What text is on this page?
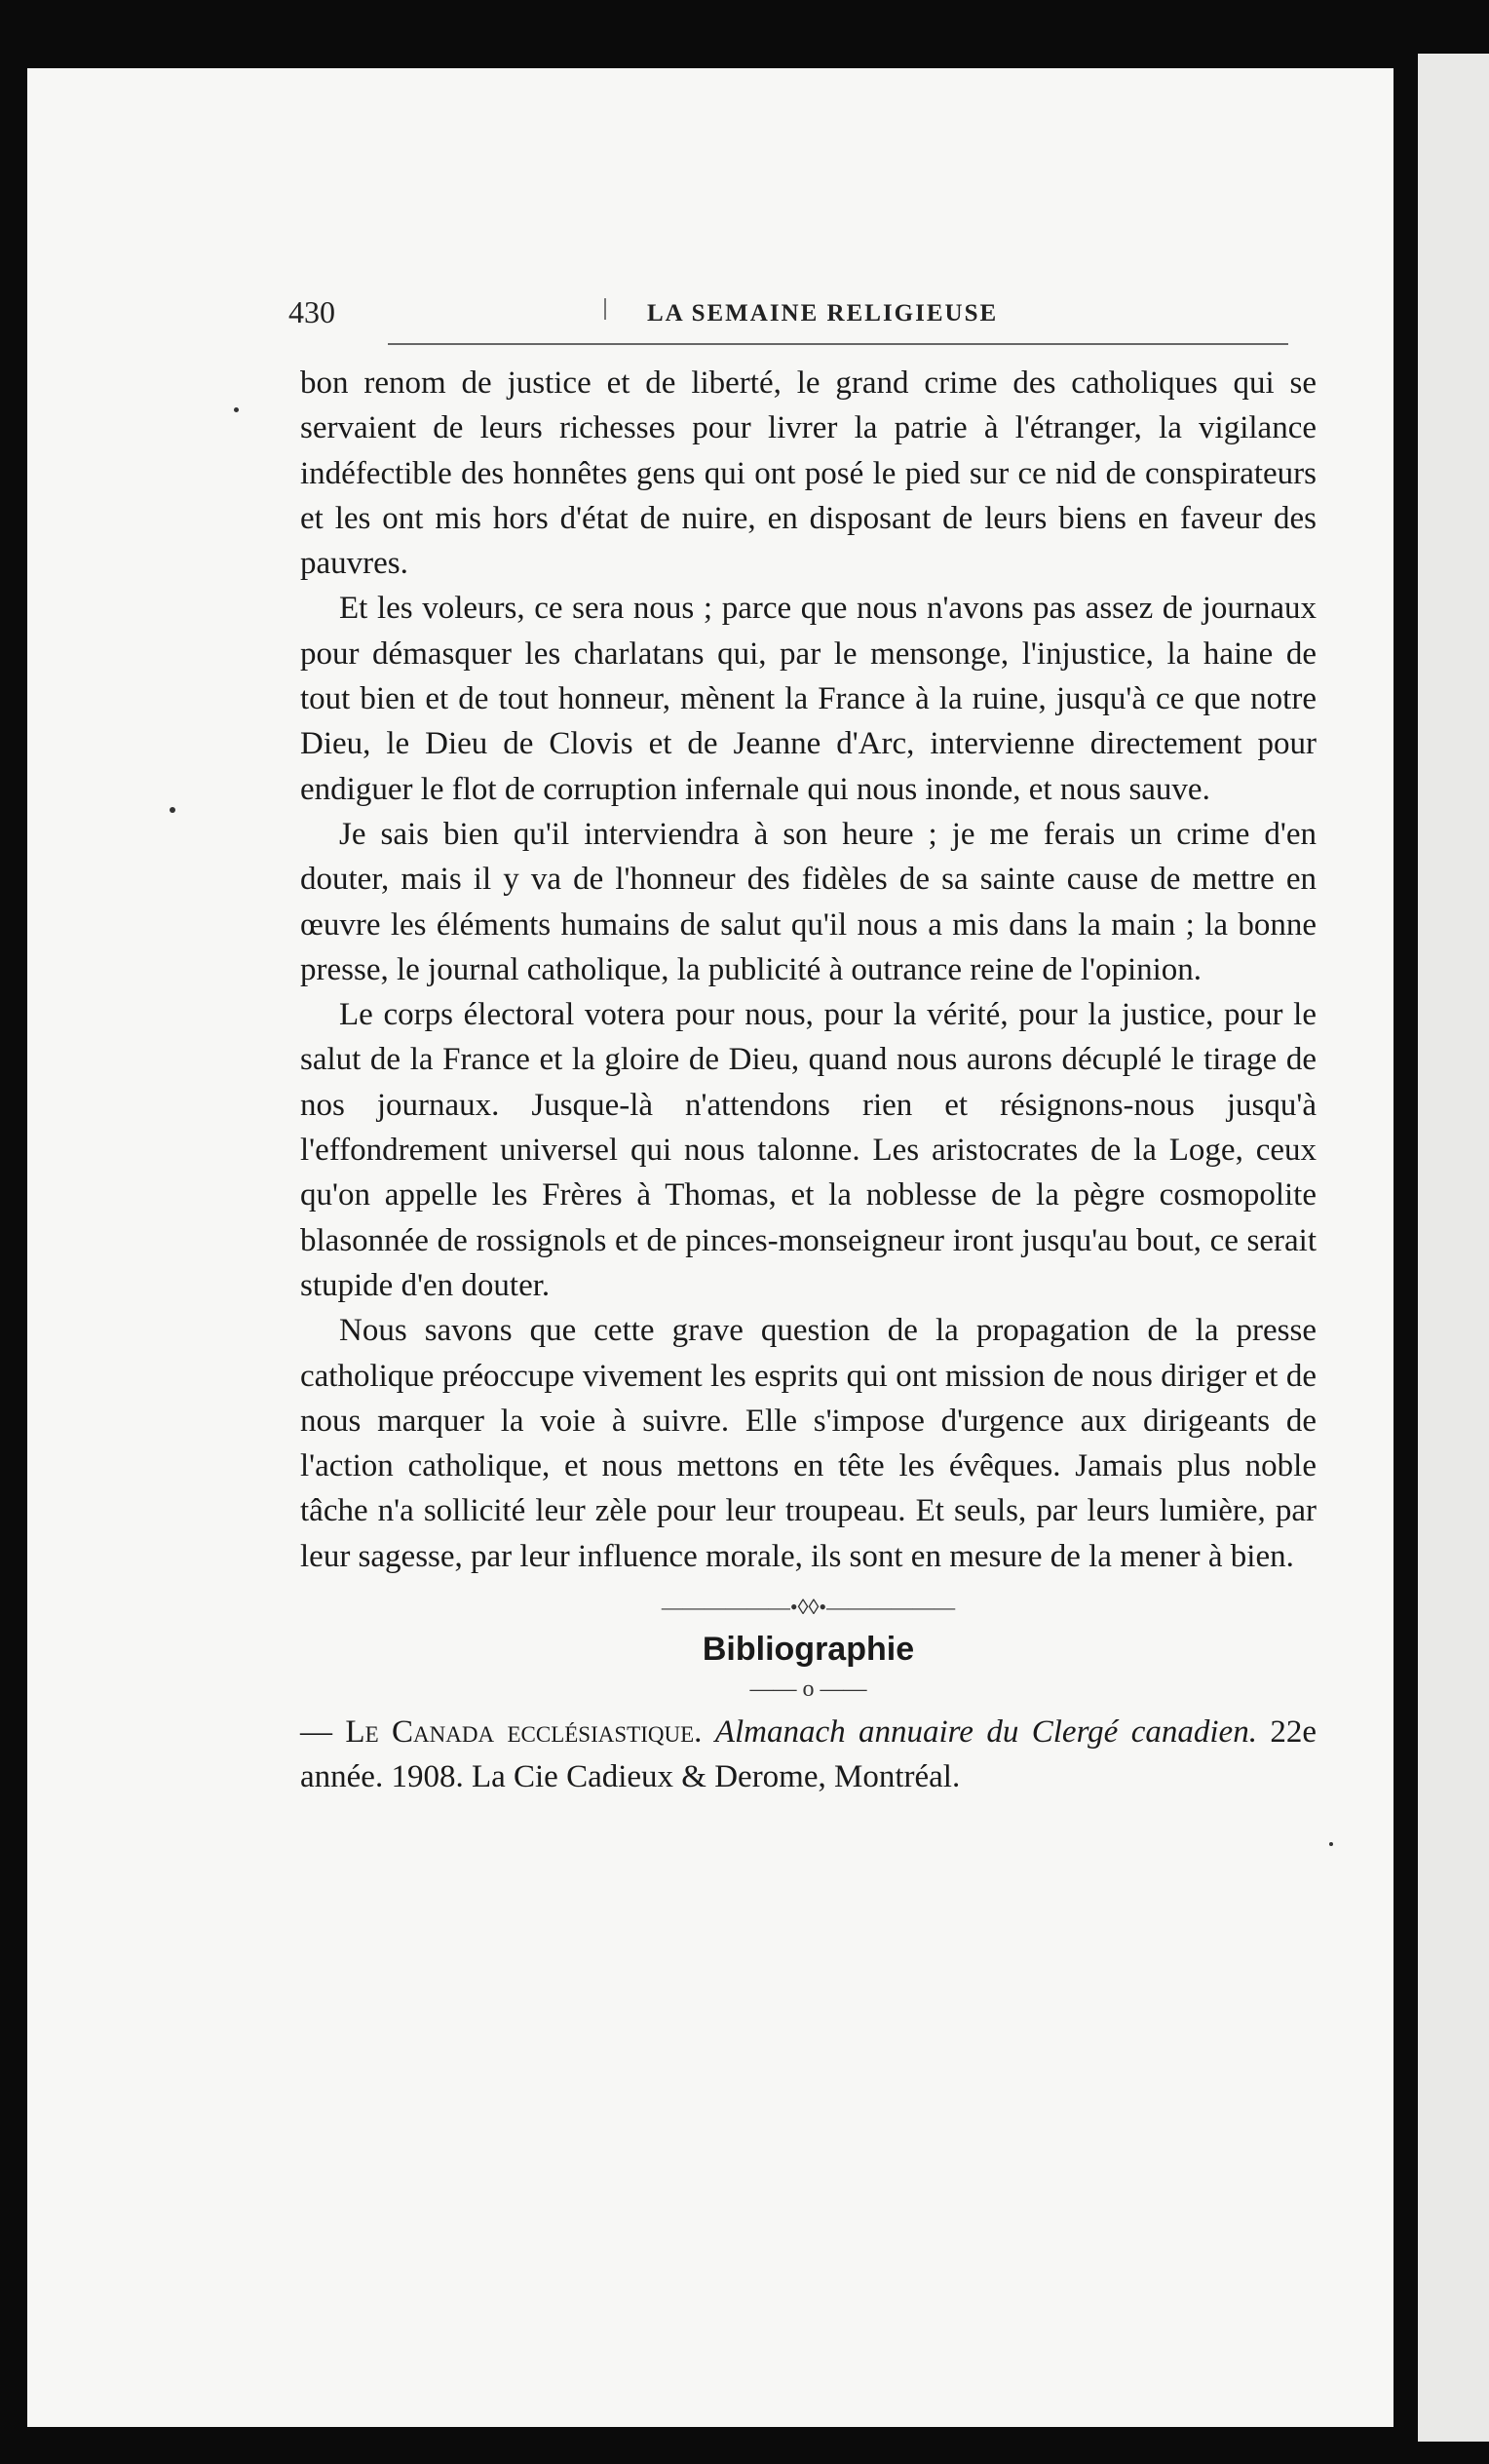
430	LA SEMAINE RELIGIEUSE

bon renom de justice et de liberté, le grand crime des catholiques qui se servaient de leurs richesses pour livrer la patrie à l'étranger, la vigilance indéfectible des honnêtes gens qui ont posé le pied sur ce nid de conspirateurs et les ont mis hors d'état de nuire, en disposant de leurs biens en faveur des pauvres.

Et les voleurs, ce sera nous ; parce que nous n'avons pas assez de journaux pour démasquer les charlatans qui, par le mensonge, l'injustice, la haine de tout bien et de tout honneur, mènent la France à la ruine, jusqu'à ce que notre Dieu, le Dieu de Clovis et de Jeanne d'Arc, intervienne directement pour endiguer le flot de corruption infernale qui nous inonde, et nous sauve.

Je sais bien qu'il interviendra à son heure ; je me ferais un crime d'en douter, mais il y va de l'honneur des fidèles de sa sainte cause de mettre en œuvre les éléments humains de salut qu'il nous a mis dans la main ; la bonne presse, le journal catholique, la publicité à outrance reine de l'opinion.

Le corps électoral votera pour nous, pour la vérité, pour la justice, pour le salut de la France et la gloire de Dieu, quand nous aurons décuplé le tirage de nos journaux. Jusque-là n'attendons rien et résignons-nous jusqu'à l'effondrement universel qui nous talonne. Les aristocrates de la Loge, ceux qu'on appelle les Frères à Thomas, et la noblesse de la pègre cosmopolite blasonnée de rossignols et de pinces-monseigneur iront jusqu'au bout, ce serait stupide d'en douter.

Nous savons que cette grave question de la propagation de la presse catholique préoccupe vivement les esprits qui ont mission de nous diriger et de nous marquer la voie à suivre. Elle s'impose d'urgence aux dirigeants de l'action catholique, et nous mettons en tête les évêques. Jamais plus noble tâche n'a sollicité leur zèle pour leur troupeau. Et seuls, par leurs lumière, par leur sagesse, par leur influence morale, ils sont en mesure de la mener à bien.

——————•◊◊•——————
Bibliographie
—— o ——

— Le Canada ecclésiastique. Almanach annuaire du Clergé canadien. 22e année. 1908. La Cie Cadieux & Derome, Montréal.
